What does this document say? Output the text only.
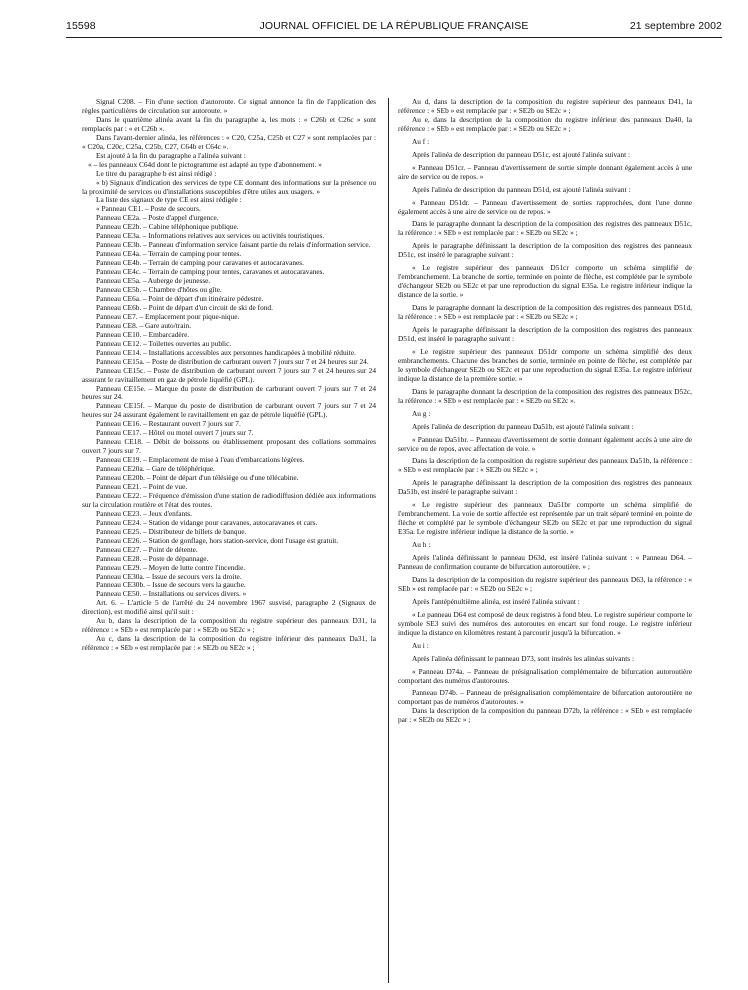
15598	JOURNAL OFFICIEL DE LA RÉPUBLIQUE FRANÇAISE	21 septembre 2002

Signal C208. – Fin d'une section d'autoroute. Ce signal annonce la fin de l'application des règles particulières de circulation sur autoroute. »

Dans le quatrième alinéa avant la fin du paragraphe a, les mots : « C26b et C26c » sont remplacés par : « et C26b ».

Dans l'avant-dernier alinéa, les références : « C20, C25a, C25b et C27 » sont remplacées par : « C20a, C20c, C25a, C25b, C27, C64b et C64c ».

Est ajouté à la fin du paragraphe a l'alinéa suivant :

« – les panneaux C64d dont le pictogramme est adapté au type d'abonnement. »

Le titre du paragraphe b est ainsi rédigé :

« b) Signaux d'indication des services de type CE donnant des informations sur la présence ou la proximité de services ou d'installations susceptibles d'être utiles aux usagers. »

La liste des signaux de type CE est ainsi rédigée :

« Panneau CE1. – Poste de secours.

Panneau CE2a. – Poste d'appel d'urgence.

Panneau CE2b. – Cabine téléphonique publique.

Panneau CE3a. – Informations relatives aux services ou activités touristiques.

Panneau CE3b. – Panneau d'information service faisant partie du relais d'information service.

Panneau CE4a. – Terrain de camping pour tentes.

Panneau CE4b. – Terrain de camping pour caravanes et autocaravanes.

Panneau CE4c. – Terrain de camping pour tentes, caravanes et autocaravanes.

Panneau CE5a. – Auberge de jeunesse.

Panneau CE5b. – Chambre d'hôtes ou gîte.

Panneau CE6a. – Point de départ d'un itinéraire pédestre.

Panneau CE6b. – Point de départ d'un circuit de ski de fond.

Panneau CE7. – Emplacement pour pique-nique.

Panneau CE8. – Gare auto/train.

Panneau CE10. – Embarcadère.

Panneau CE12. – Toilettes ouvertes au public.

Panneau CE14. – Installations accessibles aux personnes handicapées à mobilité réduite.

Panneau CE15a. – Poste de distribution de carburant ouvert 7 jours sur 7 et 24 heures sur 24.

Panneau CE15c. – Poste de distribution de carburant ouvert 7 jours sur 7 et 24 heures sur 24 assurant le ravitaillement en gaz de pétrole liquéfié (GPL).

Panneau CE15e. – Marque du poste de distribution de carburant ouvert 7 jours sur 7 et 24 heures sur 24.

Panneau CE15f. – Marque du poste de distribution de carburant ouvert 7 jours sur 7 et 24 heures sur 24 assurant également le ravitaillement en gaz de pétrole liquéfié (GPL).

Panneau CE16. – Restaurant ouvert 7 jours sur 7.

Panneau CE17. – Hôtel ou motel ouvert 7 jours sur 7.

Panneau CE18. – Débit de boissons ou établissement proposant des collations sommaires ouvert 7 jours sur 7.

Panneau CE19. – Emplacement de mise à l'eau d'embarcations légères.

Panneau CE20a. – Gare de téléphérique.

Panneau CE20b. – Point de départ d'un télésiège ou d'une télécabine.

Panneau CE21. – Point de vue.

Panneau CE22. – Fréquence d'émission d'une station de radiodiffusion dédiée aux informations sur la circulation routière et l'état des routes.

Panneau CE23. – Jeux d'enfants.

Panneau CE24. – Station de vidange pour caravanes, autocaravanes et cars.

Panneau CE25. – Distributeur de billets de banque.

Panneau CE26. – Station de gonflage, hors station-service, dont l'usage est gratuit.

Panneau CE27. – Point de détente.

Panneau CE28. – Poste de dépannage.

Panneau CE29. – Moyen de lutte contre l'incendie.

Panneau CE30a. – Issue de secours vers la droite.

Panneau CE30b. – Issue de secours vers la gauche.

Panneau CE50. – Installations ou services divers. »

Art. 6. – L'article 5 de l'arrêté du 24 novembre 1967 susvisé, paragraphe 2 (Signaux de direction), est modifié ainsi qu'il suit :

Au b, dans la description de la composition du registre supérieur des panneaux D31, la référence : « SEb » est remplacée par : « SE2b ou SE2c » ;

Au c, dans la description de la composition du registre inférieur des panneaux Da31, la référence : « SEb » est remplacée par : « SE2b ou SE2c » ;

Au d, dans la description de la composition du registre supérieur des panneaux D41, la référence : « SEb » est remplacée par : « SE2b ou SE2c » ;

Au e, dans la description de la composition du registre inférieur des panneaux Da40, la référence : « SEb » est remplacée par : « SE2b ou SE2c » ;

Au f :

Après l'alinéa de description du panneau D51c, est ajouté l'alinéa suivant :

« Panneau D51cr. – Panneau d'avertissement de sortie simple donnant également accès à une aire de service ou de repos. »

Après l'alinéa de description du panneau D51d, est ajouté l'alinéa suivant :

« Panneau D51dr. – Panneau d'avertissement de sorties rapprochées, dont l'une donne également accès à une aire de service ou de repos. »

Dans le paragraphe donnant la description de la composition des registres des panneaux D51c, la référence : « SEb » est remplacée par : « SE2b ou SE2c » ;

Après le paragraphe définissant la description de la composition des registres des panneaux D51c, est inséré le paragraphe suivant :

« Le registre supérieur des panneaux D51cr comporte un schéma simplifié de l'embranchement. La branche de sortie, terminée en pointe de flèche, est complétée par le symbole d'échangeur SE2b ou SE2c et par une reproduction du signal E35a. Le registre inférieur indique la distance de la sortie. »

Dans le paragraphe donnant la description de la composition des registres des panneaux D51d, la référence : « SEb » est remplacée par : « SE2b ou SE2c » ;

Après le paragraphe définissant la description de la composition des registres des panneaux D51d, est inséré le paragraphe suivant :

« Le registre supérieur des panneaux D51dr comporte un schéma simplifié des deux embranchements. Chacune des branches de sortie, terminée en pointe de flèche, est complétée par le symbole d'échangeur SE2b ou SE2c et par une reproduction du signal E35a. Le registre inférieur indique la distance de la première sortie. »

Dans le paragraphe donnant la description de la composition des registres des panneaux D52c, la référence : « SEb » est remplacée par : « SE2b ou SE2c ».

Au g :

Après l'alinéa de description du panneau Da51b, est ajouté l'alinéa suivant :

« Panneau Da51br. – Panneau d'avertissement de sortie donnant également accès à une aire de service ou de repos, avec affectation de voie. »

Dans la description de la composition du registre supérieur des panneaux Da51b, la référence : « SEb » est remplacée par : « SE2b ou SE2c » ;

Après le paragraphe définissant la description de la composition des registres des panneaux Da51b, est inséré le paragraphe suivant :

« Le registre supérieur des panneaux Da51br comporte un schéma simplifié de l'embranchement. La voie de sortie affectée est représentée par un trait séparé terminé en pointe de flèche et complété par le symbole d'échangeur SE2b ou SE2c et par une reproduction du signal E35a. Le registre inférieur indique la distance de la sortie. »

Au h :

Après l'alinéa définissant le panneau D63d, est inséré l'alinéa suivant : « Panneau D64. – Panneau de confirmation courante de bifurcation autoroutière. » ;

Dans la description de la composition du registre supérieur des panneaux D63, la référence : « SEb » est remplacée par : « SE2b ou SE2c » ;

Après l'antépénultième alinéa, est inséré l'alinéa suivant :

« Le panneau D64 est composé de deux registres à fond bleu. Le registre supérieur comporte le symbole SE3 suivi des numéros des autoroutes en encart sur fond rouge. Le registre inférieur indique la distance en kilomètres restant à parcourir jusqu'à la bifurcation. »

Au i :

Après l'alinéa définissant le panneau D73, sont insérés les alinéas suivants :

« Panneau D74a. – Panneau de présignalisation complémentaire de bifurcation autoroutière comportant des numéros d'autoroutes.

Panneau D74b. – Panneau de présignalisation complémentaire de bifurcation autoroutière ne comportant pas de numéros d'autoroutes. »

Dans la description de la composition du panneau D72b, la référence : « SEb » est remplacée par : « SE2b ou SE2c » ;
